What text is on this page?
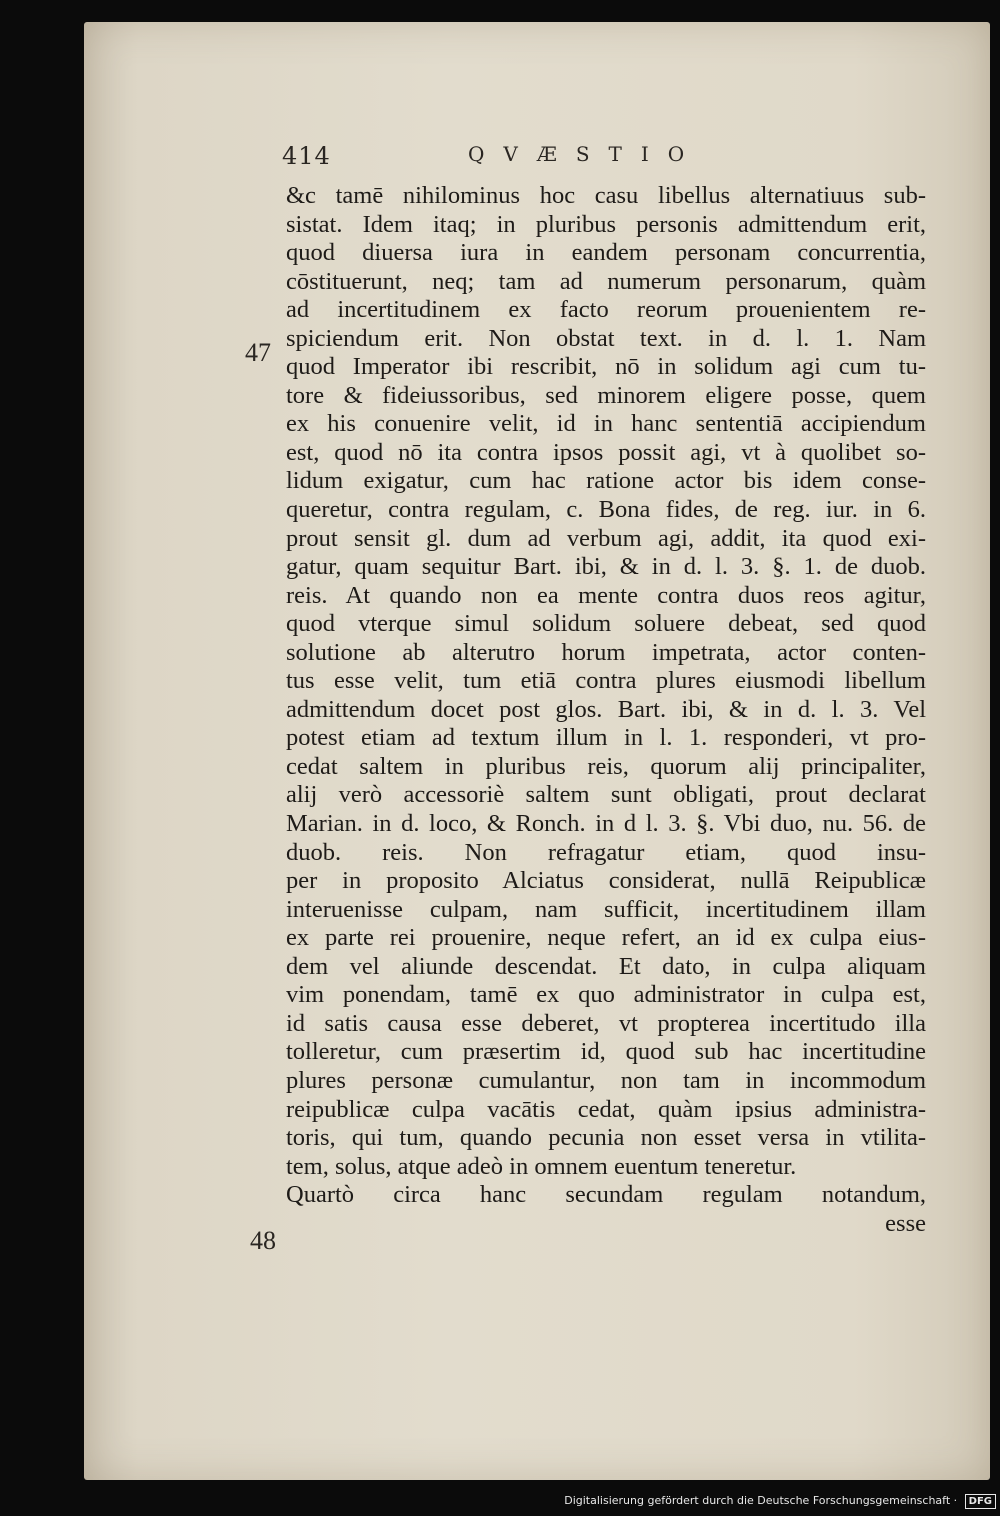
414	QVÆSTIO
47
48
&c tamē nihilominus hoc casu libellus alternatiuus sub-
sistat. Idem itaq; in pluribus personis admittendum erit,
quod diuersa iura in eandem personam concurrentia,
cōstituerunt, neq; tam ad numerum personarum, quàm
ad incertitudinem ex facto reorum prouenientem re-
spiciendum erit. Non obstat text. in d. l. 1. Nam
quod Imperator ibi rescribit, nō in solidum agi cum tu-
tore & fideiussoribus, sed minorem eligere posse, quem
ex his conuenire velit, id in hanc sententiā accipiendum
est, quod nō ita contra ipsos possit agi, vt à quolibet so-
lidum exigatur, cum hac ratione actor bis idem conse-
queretur, contra regulam, c. Bona fides, de reg. iur. in 6.
prout sensit gl. dum ad verbum agi, addit, ita quod exi-
gatur, quam sequitur Bart. ibi, & in d. l. 3. §. 1. de duob.
reis. At quando non ea mente contra duos reos agitur,
quod vterque simul solidum soluere debeat, sed quod
solutione ab alterutro horum impetrata, actor conten-
tus esse velit, tum etiā contra plures eiusmodi libellum
admittendum docet post glos. Bart. ibi, & in d. l. 3. Vel
potest etiam ad textum illum in l. 1. responderi, vt pro-
cedat saltem in pluribus reis, quorum alij principaliter,
alij verò accessoriè saltem sunt obligati, prout declarat
Marian. in d. loco, & Ronch. in d l. 3. §. Vbi duo, nu. 56. de
duob. reis. Non refragatur etiam, quod insu-
per in proposito Alciatus considerat, nullā Reipublicæ
interuenisse culpam, nam sufficit, incertitudinem illam
ex parte rei prouenire, neque refert, an id ex culpa eius-
dem vel aliunde descendat. Et dato, in culpa aliquam
vim ponendam, tamē ex quo administrator in culpa est,
id satis causa esse deberet, vt propterea incertitudo illa
tolleretur, cum præsertim id, quod sub hac incertitudine
plures personæ cumulantur, non tam in incommodum
reipublicæ culpa vacātis cedat, quàm ipsius administra-
toris, qui tum, quando pecunia non esset versa in vtilita-
tem, solus, atque adeò in omnem euentum teneretur.
Quartò circa hanc secundam regulam notandum,
esse
Digitalisierung gefördert durch die Deutsche Forschungsgemeinschaft · DFG
